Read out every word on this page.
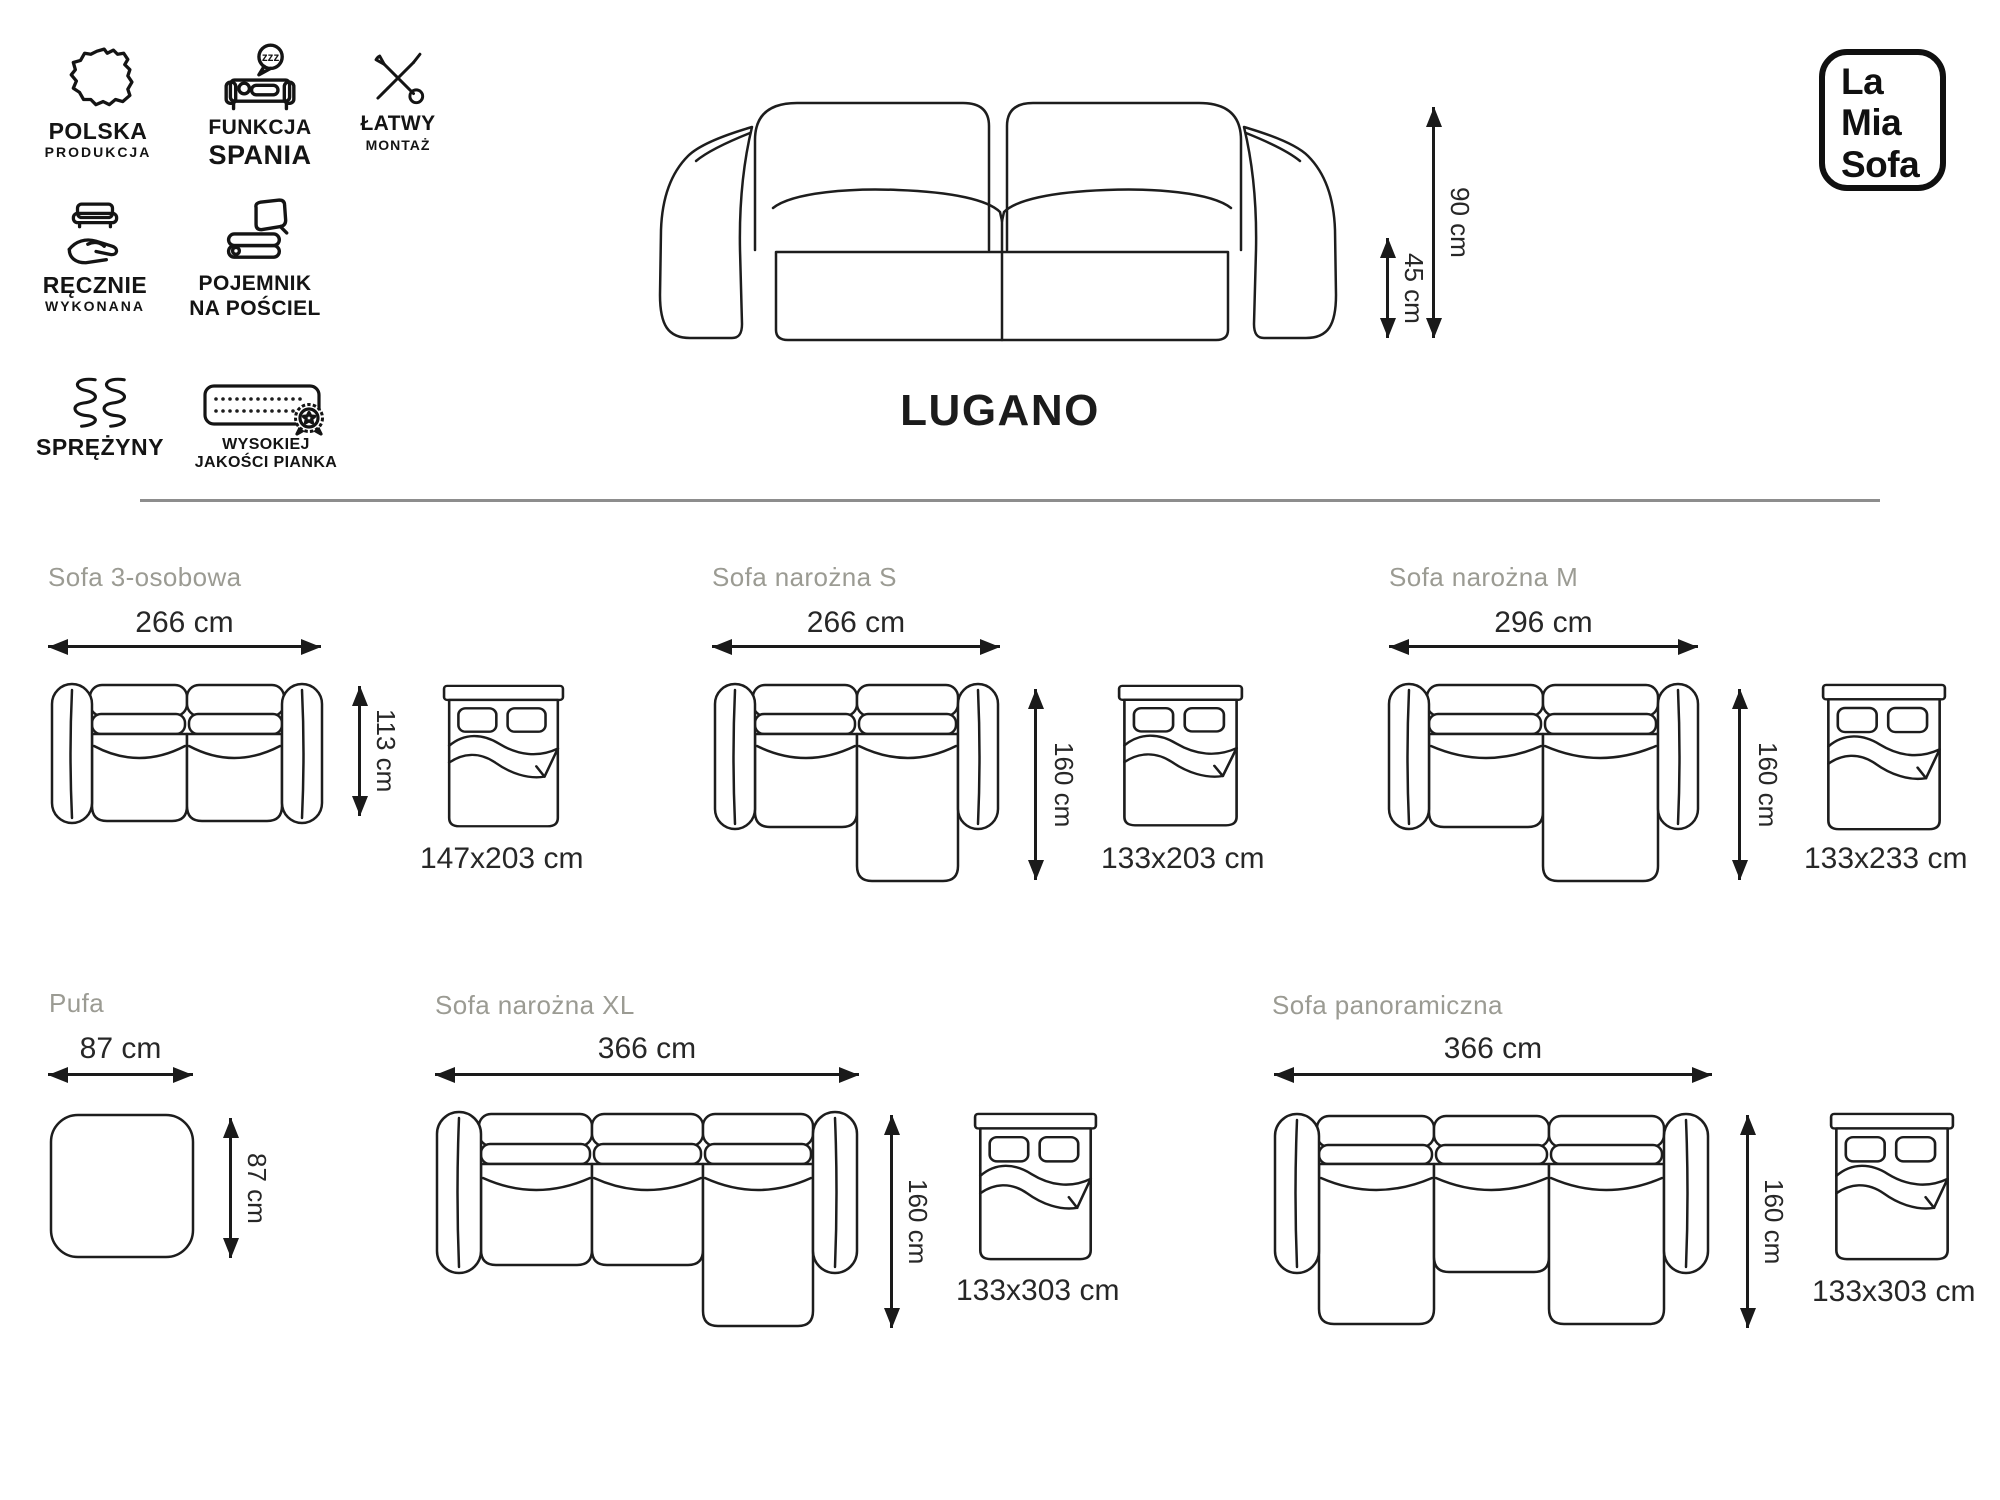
POLSKA
PRODUKCJA
zzz
FUNKCJA
SPANIA
ŁATWY
MONTAŻ
RĘCZNIE
WYKONANA
POJEMNIK
NA POŚCIEL
SPRĘŻYNY	WYSOKIEJ
JAKOŚCI PIANKA
La
Mia
Sofa
45 cm
90 cm
LUGANO
Sofa 3-osobowa
266 cm
113 cm
147x203 cm
Sofa narożna S
266 cm
160 cm
133x203 cm
Sofa narożna M
296 cm
160 cm
133x233 cm
Pufa
87 cm
87 cm
Sofa narożna XL
366 cm
160 cm
133x303 cm
Sofa panoramiczna
366 cm
160 cm
133x303 cm
